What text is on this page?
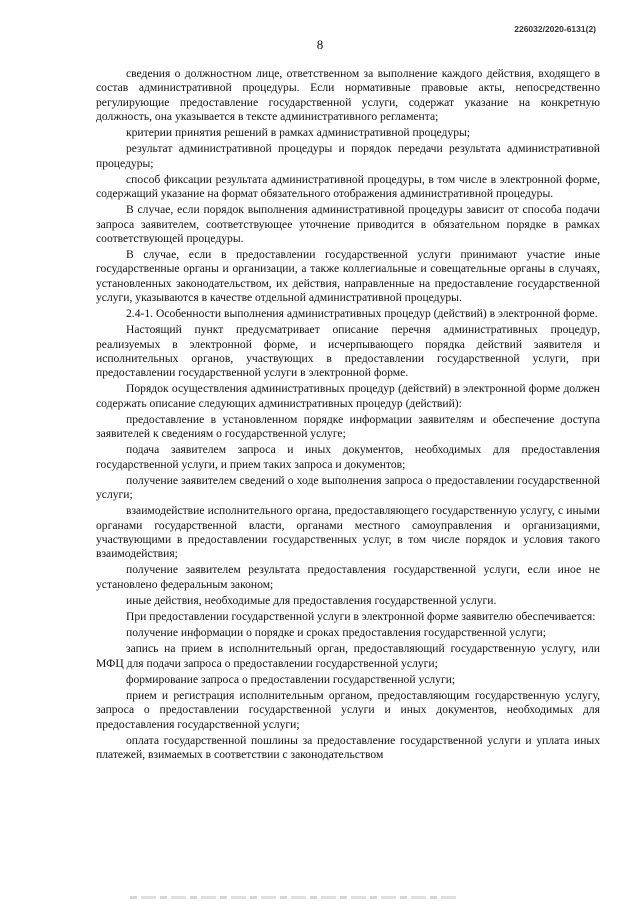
226032/2020-6131(2)
8

сведения о должностном лице, ответственном за выполнение каждого действия, входящего в состав административной процедуры. Если нормативные правовые акты, непосредственно регулирующие предоставление государственной услуги, содержат указание на конкретную должность, она указывается в тексте административного регламента;

критерии принятия решений в рамках административной процедуры;

результат административной процедуры и порядок передачи результата административной процедуры;

способ фиксации результата административной процедуры, в том числе в электронной форме, содержащий указание на формат обязательного отображения административной процедуры.

В случае, если порядок выполнения административной процедуры зависит от способа подачи запроса заявителем, соответствующее уточнение приводится в обязательном порядке в рамках соответствующей процедуры.

В случае, если в предоставлении государственной услуги принимают участие иные государственные органы и организации, а также коллегиальные и совещательные органы в случаях, установленных законодательством, их действия, направленные на предоставление государственной услуги, указываются в качестве отдельной административной процедуры.

2.4-1. Особенности выполнения административных процедур (действий) в электронной форме.

Настоящий пункт предусматривает описание перечня административных процедур, реализуемых в электронной форме, и исчерпывающего порядка действий заявителя и исполнительных органов, участвующих в предоставлении государственной услуги, при предоставлении государственной услуги в электронной форме.

Порядок осуществления административных процедур (действий) в электронной форме должен содержать описание следующих административных процедур (действий):

предоставление в установленном порядке информации заявителям и обеспечение доступа заявителей к сведениям о государственной услуге;

подача заявителем запроса и иных документов, необходимых для предоставления государственной услуги, и прием таких запроса и документов;

получение заявителем сведений о ходе выполнения запроса о предоставлении государственной услуги;

взаимодействие исполнительного органа, предоставляющего государственную услугу, с иными органами государственной власти, органами местного самоуправления и организациями, участвующими в предоставлении государственных услуг, в том числе порядок и условия такого взаимодействия;

получение заявителем результата предоставления государственной услуги, если иное не установлено федеральным законом;

иные действия, необходимые для предоставления государственной услуги.

При предоставлении государственной услуги в электронной форме заявителю обеспечивается:

получение информации о порядке и сроках предоставления государственной услуги;

запись на прием в исполнительный орган, предоставляющий государственную услугу, или МФЦ для подачи запроса о предоставлении государственной услуги;

формирование запроса о предоставлении государственной услуги;

прием и регистрация исполнительным органом, предоставляющим государственную услугу, запроса о предоставлении государственной услуги и иных документов, необходимых для предоставления государственной услуги;

оплата государственной пошлины за предоставление государственной услуги и уплата иных платежей, взимаемых в соответствии с законодательством
